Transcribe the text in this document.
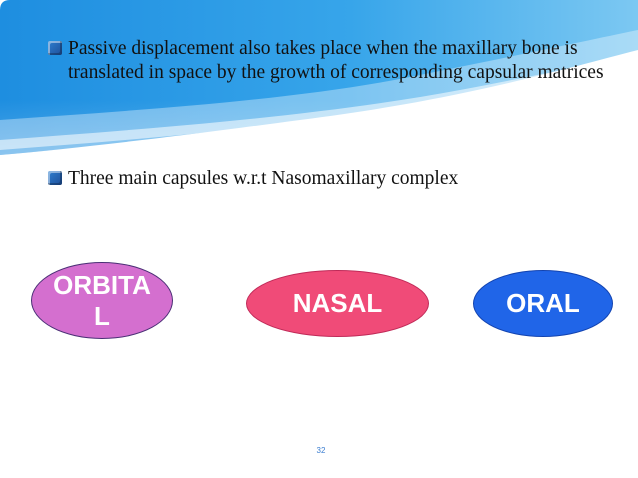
Passive displacement also takes place when the maxillary bone is translated in space by the growth of corresponding capsular matrices
Three main capsules w.r.t Nasomaxillary complex
ORBITA
L	NASAL	ORAL
32
